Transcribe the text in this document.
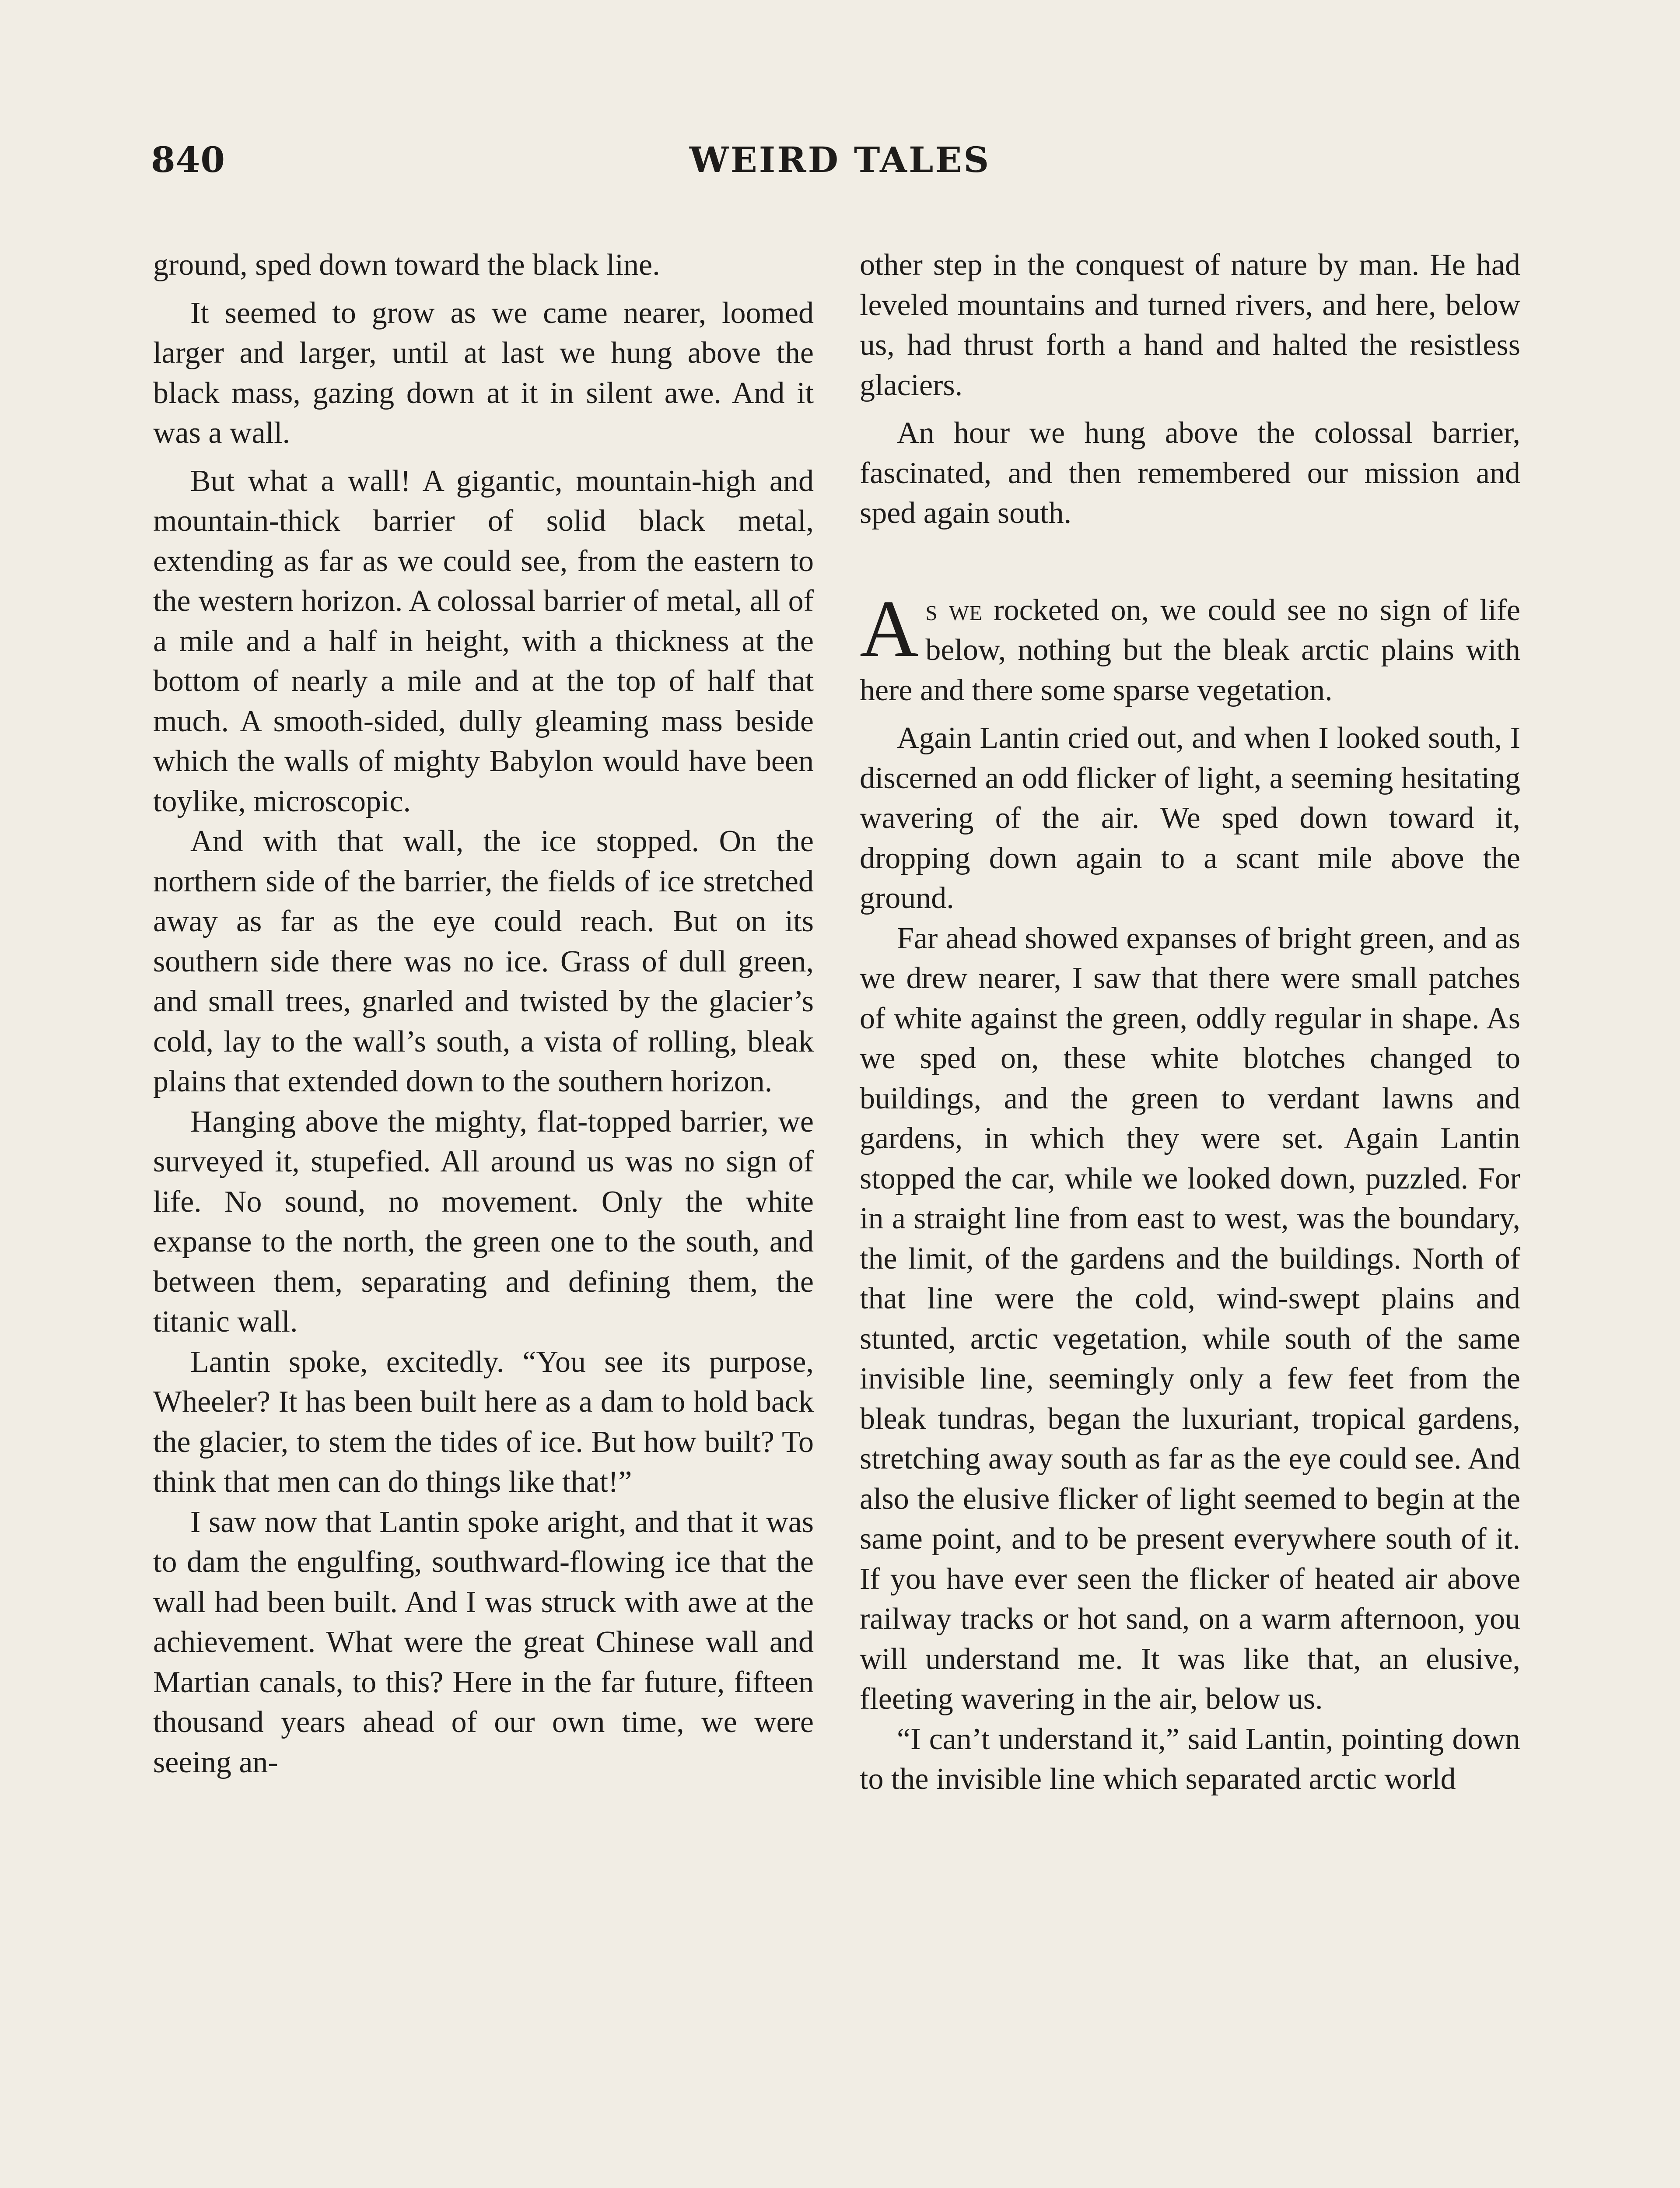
840	WEIRD TALES

ground, sped down toward the black line.

It seemed to grow as we came nearer, loomed larger and larger, until at last we hung above the black mass, gazing down at it in silent awe. And it was a wall.

But what a wall! A gigantic, mountain-high and mountain-thick barrier of solid black metal, extending as far as we could see, from the eastern to the western horizon. A colossal barrier of metal, all of a mile and a half in height, with a thickness at the bottom of nearly a mile and at the top of half that much. A smooth-sided, dully gleaming mass beside which the walls of mighty Babylon would have been toylike, microscopic.

And with that wall, the ice stopped. On the northern side of the barrier, the fields of ice stretched away as far as the eye could reach. But on its southern side there was no ice. Grass of dull green, and small trees, gnarled and twisted by the glacier’s cold, lay to the wall’s south, a vista of rolling, bleak plains that extended down to the southern horizon.

Hanging above the mighty, flat-topped barrier, we surveyed it, stupefied. All around us was no sign of life. No sound, no movement. Only the white expanse to the north, the green one to the south, and between them, separating and defining them, the titanic wall.

Lantin spoke, excitedly. “You see its purpose, Wheeler? It has been built here as a dam to hold back the glacier, to stem the tides of ice. But how built? To think that men can do things like that!”

I saw now that Lantin spoke aright, and that it was to dam the engulfing, southward-flowing ice that the wall had been built. And I was struck with awe at the achievement. What were the great Chinese wall and Martian canals, to this? Here in the far future, fifteen thousand years ahead of our own time, we were seeing an-

other step in the conquest of nature by man. He had leveled mountains and turned rivers, and here, below us, had thrust forth a hand and halted the resistless glaciers.

An hour we hung above the colossal barrier, fascinated, and then remembered our mission and sped again south.

As we rocketed on, we could see no sign of life below, nothing but the bleak arctic plains with here and there some sparse vegetation.

Again Lantin cried out, and when I looked south, I discerned an odd flicker of light, a seeming hesitating wavering of the air. We sped down toward it, dropping down again to a scant mile above the ground.

Far ahead showed expanses of bright green, and as we drew nearer, I saw that there were small patches of white against the green, oddly regular in shape. As we sped on, these white blotches changed to buildings, and the green to verdant lawns and gardens, in which they were set. Again Lantin stopped the car, while we looked down, puzzled. For in a straight line from east to west, was the boundary, the limit, of the gardens and the buildings. North of that line were the cold, wind-swept plains and stunted, arctic vegetation, while south of the same invisible line, seemingly only a few feet from the bleak tundras, began the luxuriant, tropical gardens, stretching away south as far as the eye could see. And also the elusive flicker of light seemed to begin at the same point, and to be present everywhere south of it. If you have ever seen the flicker of heated air above railway tracks or hot sand, on a warm afternoon, you will understand me. It was like that, an elusive, fleeting wavering in the air, below us.

“I can’t understand it,” said Lantin, pointing down to the invisible line which separated arctic world
